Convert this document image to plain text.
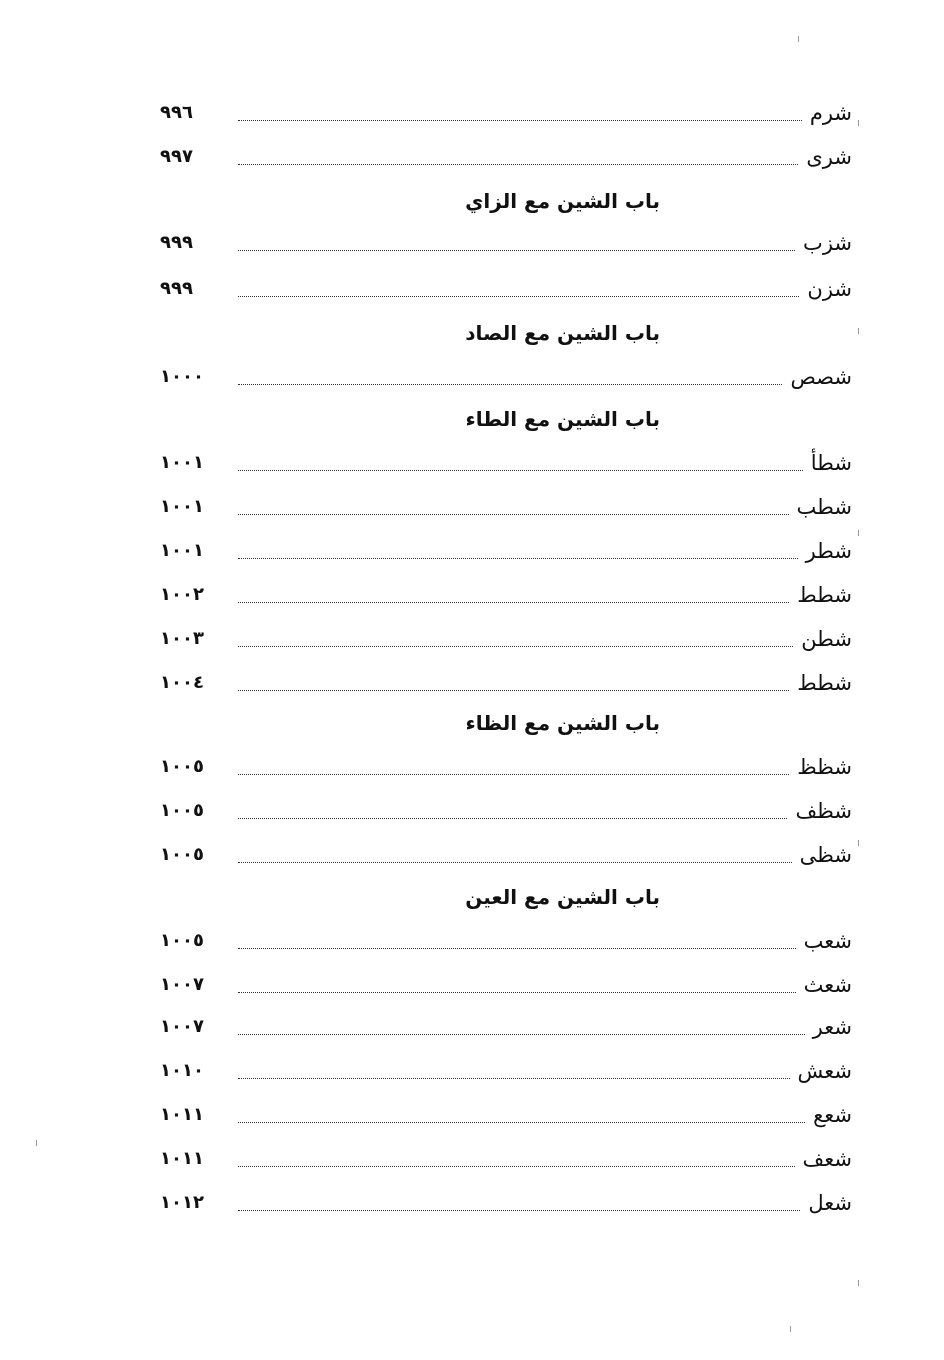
شرم
٩٩٦
شرى
٩٩٧
باب الشين مع الزاي
شزب
٩٩٩
شزن
٩٩٩
باب الشين مع الصاد
شصص
١٠٠٠
باب الشين مع الطاء
شطأ
١٠٠١
شطب
١٠٠١
شطر
١٠٠١
شطط
١٠٠٢
شطن
١٠٠٣
شطط
١٠٠٤
باب الشين مع الظاء
شظظ
١٠٠٥
شظف
١٠٠٥
شظى
١٠٠٥
باب الشين مع العين
شعب
١٠٠٥
شعث
١٠٠٧
شعر
١٠٠٧
شعش
١٠١٠
شعع
١٠١١
شعف
١٠١١
شعل
١٠١٢
